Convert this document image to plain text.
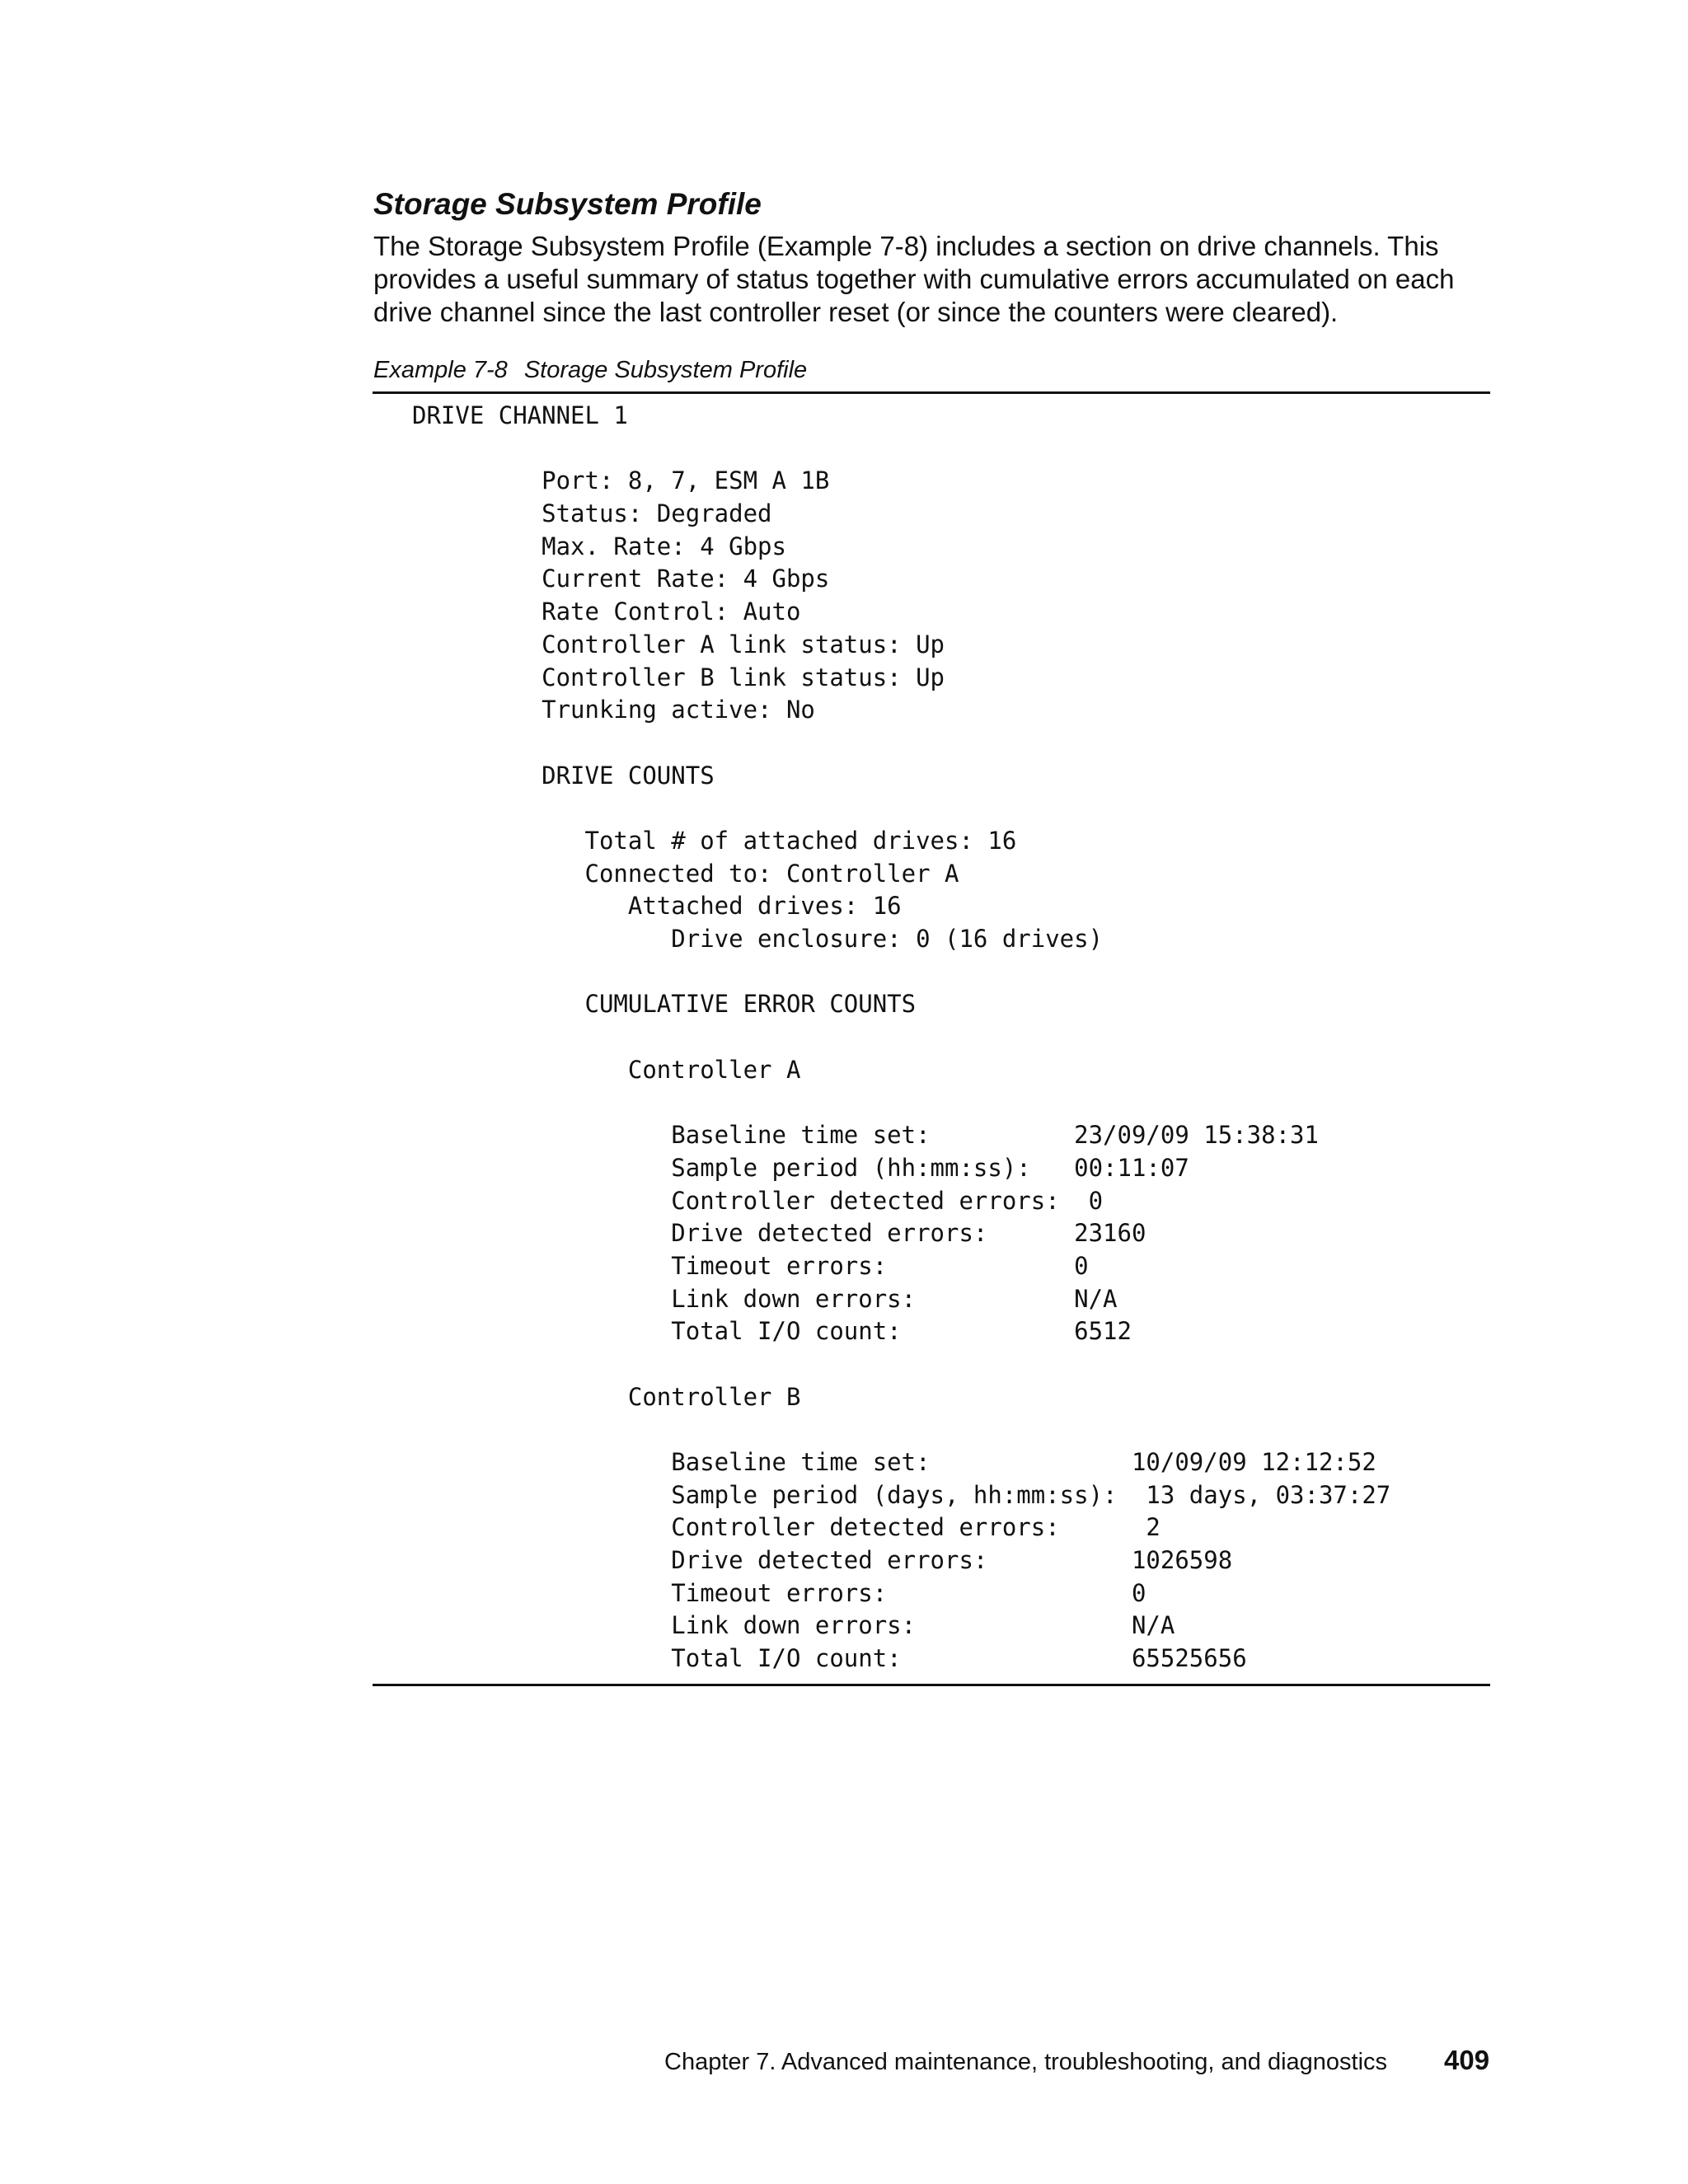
Storage Subsystem Profile

The Storage Subsystem Profile (Example 7-8) includes a section on drive channels. This
provides a useful summary of status together with cumulative errors accumulated on each
drive channel since the last controller reset (or since the counters were cleared).

Example 7-8 Storage Subsystem Profile
DRIVE CHANNEL 1
Port: 8, 7, ESM A 1B
Status: Degraded
Max. Rate: 4 Gbps
Current Rate: 4 Gbps
Rate Control: Auto
Controller A link status: Up
Controller B link status: Up
Trunking active: No
DRIVE COUNTS
Total # of attached drives: 16
Connected to: Controller A
Attached drives: 16
Drive enclosure: 0 (16 drives)
CUMULATIVE ERROR COUNTS
Controller A
Baseline time set:          23/09/09 15:38:31
Sample period (hh:mm:ss):   00:11:07
Controller detected errors:  0
Drive detected errors:      23160
Timeout errors:             0
Link down errors:           N/A
Total I/O count:            6512
Controller B
Baseline time set:              10/09/09 12:12:52
Sample period (days, hh:mm:ss):  13 days, 03:37:27
Controller detected errors:      2
Drive detected errors:          1026598
Timeout errors:                 0
Link down errors:               N/A
Total I/O count:                65525656
Chapter 7. Advanced maintenance, troubleshooting, and diagnostics 409
